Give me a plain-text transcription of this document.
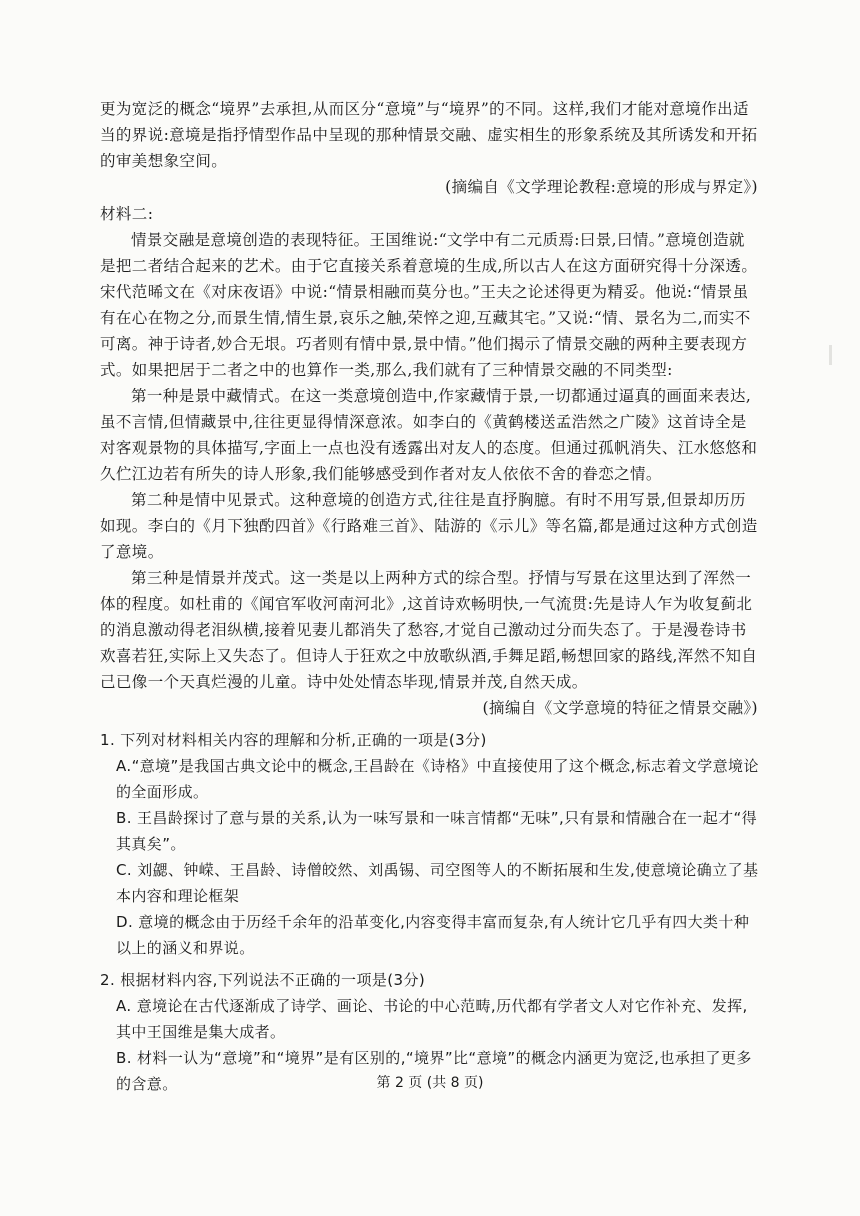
更为宽泛的概念“境界”去承担,从而区分“意境”与“境界”的不同。这样,我们才能对意境作出适当的界说:意境是指抒情型作品中呈现的那种情景交融、虚实相生的形象系统及其所诱发和开拓的审美想象空间。

(摘编自《文学理论教程:意境的形成与界定》)

材料二:

情景交融是意境创造的表现特征。王国维说:“文学中有二元质焉:曰景,曰情。”意境创造就是把二者结合起来的艺术。由于它直接关系着意境的生成,所以古人在这方面研究得十分深透。宋代范晞文在《对床夜语》中说:“情景相融而莫分也。”王夫之论述得更为精妥。他说:“情景虽有在心在物之分,而景生情,情生景,哀乐之触,荣悴之迎,互藏其宅。”又说:“情、景名为二,而实不可离。神于诗者,妙合无垠。巧者则有情中景,景中情。”他们揭示了情景交融的两种主要表现方式。如果把居于二者之中的也算作一类,那么,我们就有了三种情景交融的不同类型:

第一种是景中藏情式。在这一类意境创造中,作家藏情于景,一切都通过逼真的画面来表达,虽不言情,但情藏景中,往往更显得情深意浓。如李白的《黄鹤楼送孟浩然之广陵》这首诗全是对客观景物的具体描写,字面上一点也没有透露出对友人的态度。但通过孤帆消失、江水悠悠和久伫江边若有所失的诗人形象,我们能够感受到作者对友人依依不舍的眷恋之情。

第二种是情中见景式。这种意境的创造方式,往往是直抒胸臆。有时不用写景,但景却历历如现。李白的《月下独酌四首》《行路难三首》、陆游的《示儿》等名篇,都是通过这种方式创造了意境。

第三种是情景并茂式。这一类是以上两种方式的综合型。抒情与写景在这里达到了浑然一体的程度。如杜甫的《闻官军收河南河北》,这首诗欢畅明快,一气流贯:先是诗人乍为收复蓟北的消息激动得老泪纵横,接着见妻儿都消失了愁容,才觉自己激动过分而失态了。于是漫卷诗书欢喜若狂,实际上又失态了。但诗人于狂欢之中放歌纵酒,手舞足蹈,畅想回家的路线,浑然不知自己已像一个天真烂漫的儿童。诗中处处情态毕现,情景并茂,自然天成。

(摘编自《文学意境的特征之情景交融》)

1. 下列对材料相关内容的理解和分析,正确的一项是(3分)

A.“意境”是我国古典文论中的概念,王昌龄在《诗格》中直接使用了这个概念,标志着文学意境论的全面形成。

B. 王昌龄探讨了意与景的关系,认为一味写景和一味言情都“无味”,只有景和情融合在一起才“得其真矣”。

C. 刘勰、钟嵘、王昌龄、诗僧皎然、刘禹锡、司空图等人的不断拓展和生发,使意境论确立了基本内容和理论框架

D. 意境的概念由于历经千余年的沿革变化,内容变得丰富而复杂,有人统计它几乎有四大类十种以上的涵义和界说。

2. 根据材料内容,下列说法不正确的一项是(3分)

A. 意境论在古代逐渐成了诗学、画论、书论的中心范畴,历代都有学者文人对它作补充、发挥,其中王国维是集大成者。

B. 材料一认为“意境”和“境界”是有区别的,“境界”比“意境”的概念内涵更为宽泛,也承担了更多的含意。	第 2 页 (共 8 页)
